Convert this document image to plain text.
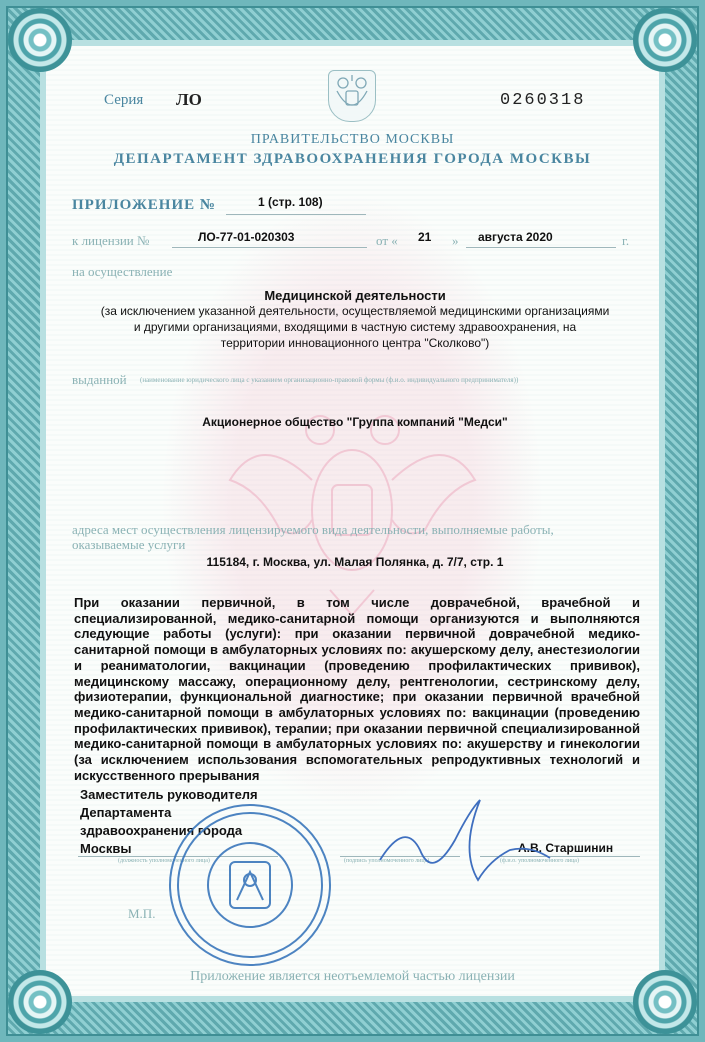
Серия ЛО	0260318
ПРАВИТЕЛЬСТВО МОСКВЫ
ДЕПАРТАМЕНТ ЗДРАВООХРАНЕНИЯ ГОРОДА МОСКВЫ
ПРИЛОЖЕНИЕ №	1 (стр. 108)
к лицензии №	ЛО-77-01-020303	от « 21 » августа 2020	г.
на осуществление
Медицинской деятельности
(за исключением указанной деятельности, осуществляемой медицинскими организациями
и другими организациями, входящими в частную систему здравоохранения, на
территории инновационного центра "Сколково")
выданной (наименование юридического лица с указанием организационно-правовой формы (ф.и.о. индивидуального предпринимателя))
Акционерное общество "Группа компаний "Медси"
адреса мест осуществления лицензируемого вида деятельности, выполняемые работы,
оказываемые услуги
115184, г. Москва, ул. Малая Полянка, д. 7/7, стр. 1
При оказании первичной, в том числе доврачебной, врачебной и специализированной, медико-санитарной помощи организуются и выполняются следующие работы (услуги): при оказании первичной доврачебной медико-санитарной помощи в амбулаторных условиях по: акушерскому делу, анестезиологии и реаниматологии, вакцинации (проведению профилактических прививок), медицинскому массажу, операционному делу, рентгенологии, сестринскому делу, физиотерапии, функциональной диагностике; при оказании первичной врачебной медико-санитарной помощи в амбулаторных условиях по: вакцинации (проведению профилактических прививок), терапии; при оказании первичной специализированной медико-санитарной помощи в амбулаторных условиях по: акушерству и гинекологии (за исключением использования вспомогательных репродуктивных технологий и искусственного прерывания
Заместитель руководителя
Департамента
здравоохранения города
Москвы	А.В. Старшинин
(должность уполномоченного лица)	(подпись уполномоченного лица)	(ф.и.о. уполномоченного лица)
М.П.
Приложение является неотъемлемой частью лицензии
